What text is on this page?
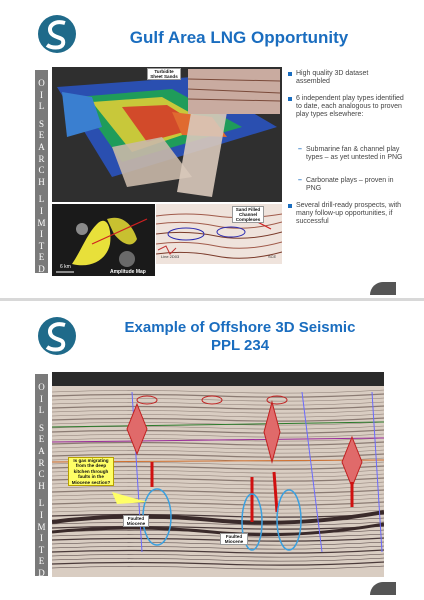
Gulf Area LNG Opportunity
O
I
L
S
E
A
R
C
H
L
I
M
I
T
E
D
Turbidite Sheet Sands
6 km
Amplitude Map
Sand Filled Channel Complexes
Line 2D03	SCE
High quality 3D dataset assembled
6 independent play types identified to date, each analogous to proven play types elsewhere:
– Submarine fan & channel play types – as yet untested in PNG
– Carbonate plays – proven in PNG
Several drill-ready prospects, with many follow-up opportunities, if successful
Example of Offshore 3D Seismic
PPL 234
O
I
L
S
E
A
R
C
H
L
I
M
I
T
E
D
Is gas migrating from the deep kitchen through faults in the Miocene section?
Faulted Miocene
Faulted Miocene
